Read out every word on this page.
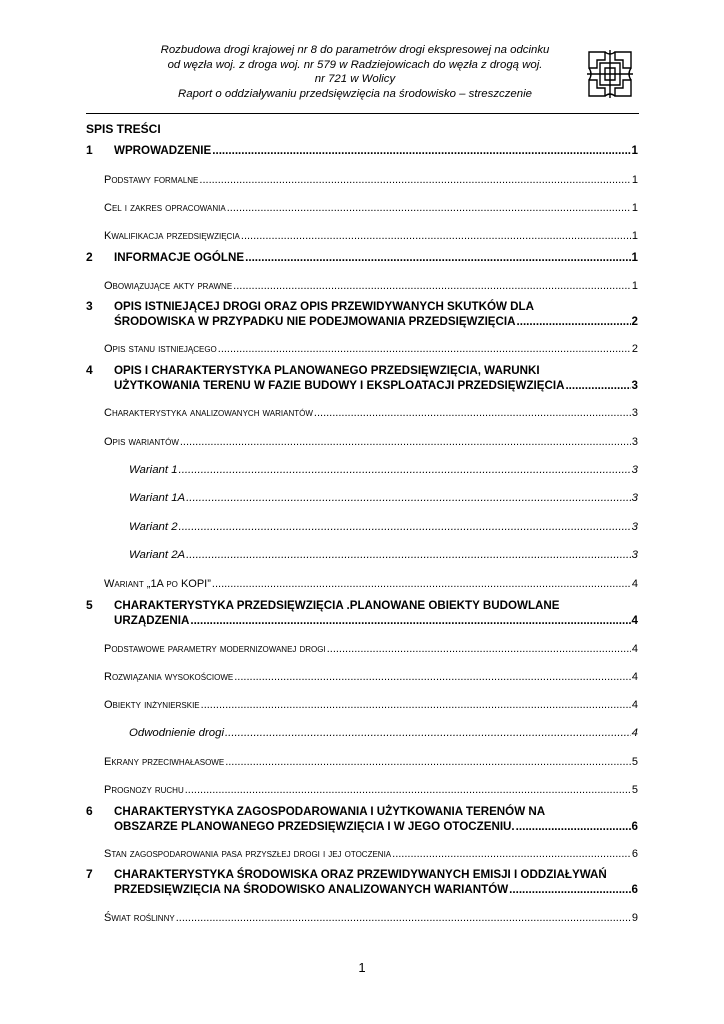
Rozbudowa drogi krajowej nr 8 do parametrów drogi ekspresowej na odcinku
od węzła woj. z droga woj. nr 579 w Radziejowicach do węzła z drogą woj.
nr 721 w Wolicy
Raport o oddziaływaniu przedsięwzięcia na środowisko – streszczenie
SPIS TREŚCI
1 WPROWADZENIE .....	1
Podstawy formalne .....	1
Cel i zakres opracowania .....	1
Kwalifikacja przedsięwzięcia .....	1
2 INFORMACJE OGÓLNE .....	1
Obowiązujące akty prawne .....	1
3 OPIS ISTNIEJĄCEJ DROGI ORAZ OPIS PRZEWIDYWANYCH SKUTKÓW DLA
ŚRODOWISKA W PRZYPADKU NIE PODEJMOWANIA PRZEDSIĘWZIĘCIA .....	2
Opis stanu istniejącego .....	2
4 OPIS I CHARAKTERYSTYKA PLANOWANEGO PRZEDSIĘWZIĘCIA, WARUNKI
UŻYTKOWANIA TERENU W FAZIE BUDOWY I EKSPLOATACJI PRZEDSIĘWZIĘCIA .....	3
Charakterystyka analizowanych wariantów .....	3
Opis wariantów .....	3
Wariant 1 .....	3
Wariant 1A .....	3
Wariant 2 .....	3
Wariant 2A .....	3
Wariant „1A po KOPI” .....	4
5 CHARAKTERYSTYKA PRZEDSIĘWZIĘCIA .PLANOWANE OBIEKTY BUDOWLANE
URZĄDZENIA .....	4
Podstawowe parametry modernizowanej drogi .....	4
Rozwiązania wysokościowe .....	4
Obiekty inżynierskie .....	4
Odwodnienie drogi .....	4
Ekrany przeciwhałasowe .....	5
Prognozy ruchu .....	5
6 CHARAKTERYSTYKA ZAGOSPODAROWANIA I UŻYTKOWANIA TERENÓW NA
OBSZARZE PLANOWANEGO PRZEDSIĘWZIĘCIA I W JEGO OTOCZENIU. .....	6
Stan zagospodarowania pasa przyszłej drogi i jej otoczenia .....	6
7 CHARAKTERYSTYKA ŚRODOWISKA ORAZ PRZEWIDYWANYCH EMISJI I ODDZIAŁYWAŃ
PRZEDSIĘWZIĘCIA NA ŚRODOWISKO ANALIZOWANYCH WARIANTÓW .....	6
Świat roślinny .....	9
1
